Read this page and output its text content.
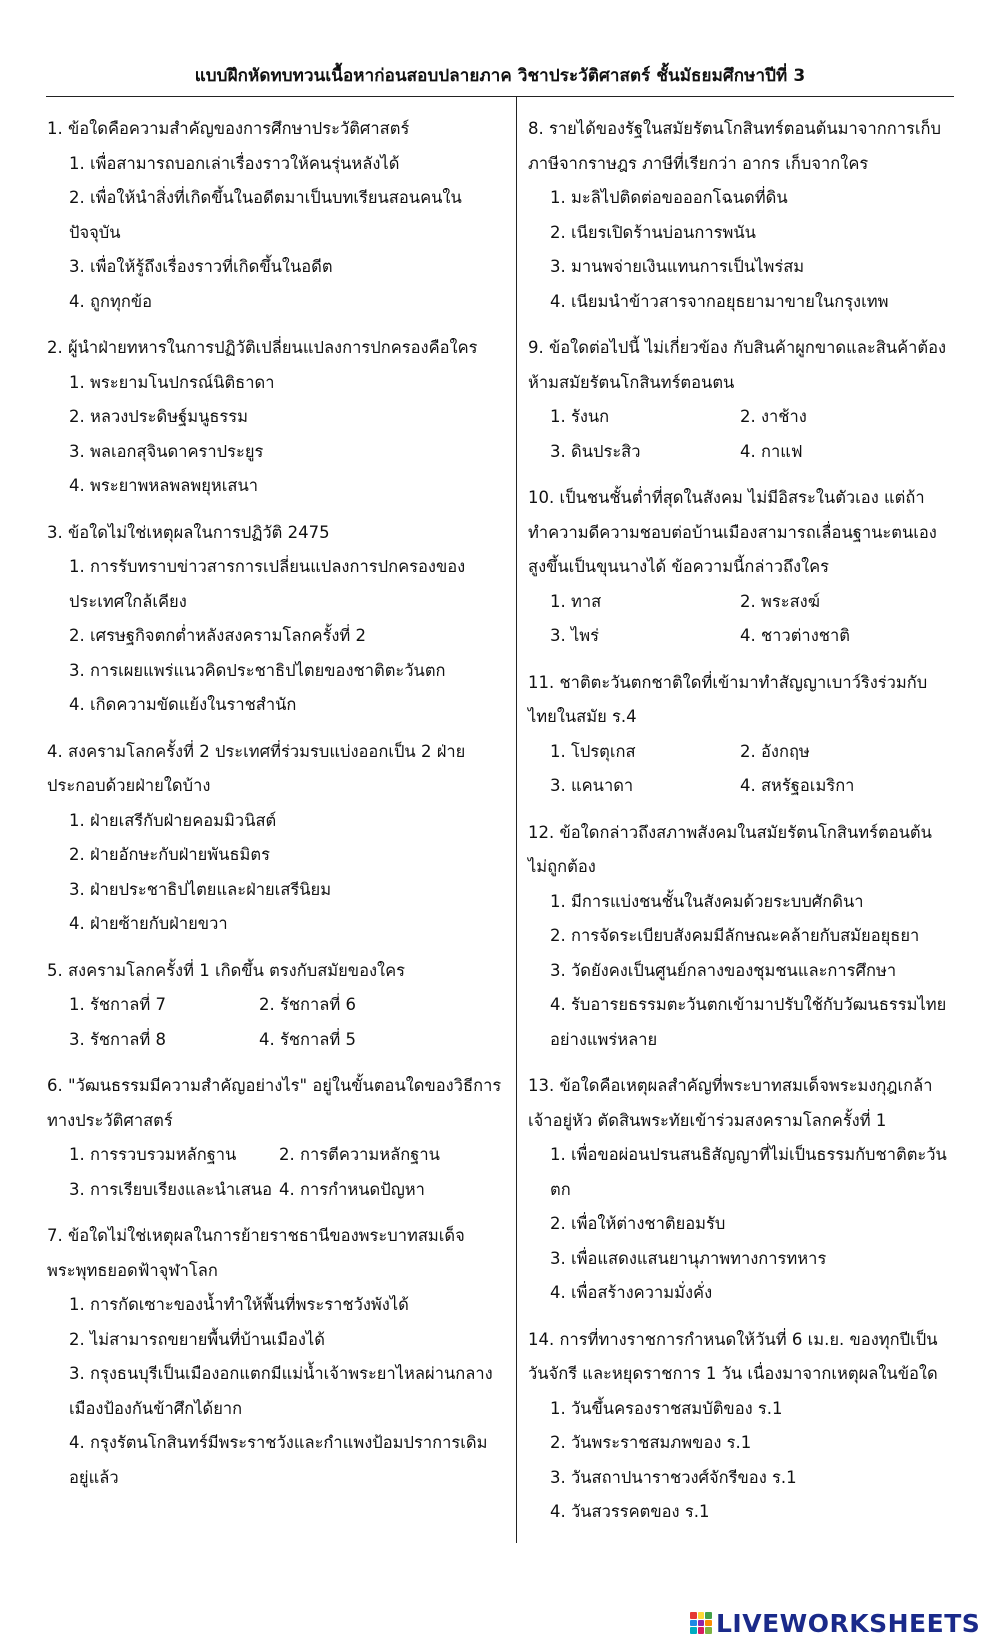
แบบฝึกหัดทบทวนเนื้อหาก่อนสอบปลายภาค วิชาประวัติศาสตร์ ชั้นมัธยมศึกษาปีที่ 3
1. ข้อใดคือความสำคัญของการศึกษาประวัติศาสตร์
1. เพื่อสามารถบอกเล่าเรื่องราวให้คนรุ่นหลังได้
2. เพื่อให้นำสิ่งที่เกิดขึ้นในอดีตมาเป็นบทเรียนสอนคนในปัจจุบัน
3. เพื่อให้รู้ถึงเรื่องราวที่เกิดขึ้นในอดีต
4. ถูกทุกข้อ
2. ผู้นำฝ่ายทหารในการปฏิวัติเปลี่ยนแปลงการปกครองคือใคร
1. พระยามโนปกรณ์นิติธาดา
2. หลวงประดิษฐ์มนูธรรม
3. พลเอกสุจินดาคราประยูร
4. พระยาพหลพลพยุหเสนา
3. ข้อใดไม่ใช่เหตุผลในการปฏิวัติ 2475
1. การรับทราบข่าวสารการเปลี่ยนแปลงการปกครองของประเทศใกล้เคียง
2. เศรษฐกิจตกต่ำหลังสงครามโลกครั้งที่ 2
3. การเผยแพร่แนวคิดประชาธิปไตยของชาติตะวันตก
4. เกิดความขัดแย้งในราชสำนัก
4. สงครามโลกครั้งที่ 2 ประเทศที่ร่วมรบแบ่งออกเป็น 2 ฝ่าย ประกอบด้วยฝ่ายใดบ้าง
1. ฝ่ายเสรีกับฝ่ายคอมมิวนิสต์
2. ฝ่ายอักษะกับฝ่ายพันธมิตร
3. ฝ่ายประชาธิปไตยและฝ่ายเสรีนิยม
4. ฝ่ายซ้ายกับฝ่ายขวา
5. สงครามโลกครั้งที่ 1 เกิดขึ้น ตรงกับสมัยของใคร
1. รัชกาลที่ 7	2. รัชกาลที่ 6
3. รัชกาลที่ 8	4. รัชกาลที่ 5
6. "วัฒนธรรมมีความสำคัญอย่างไร" อยู่ในขั้นตอนใดของวิธีการทางประวัติศาสตร์
1. การรวบรวมหลักฐาน	2. การตีความหลักฐาน
3. การเรียบเรียงและนำเสนอ 4. การกำหนดปัญหา
7. ข้อใดไม่ใช่เหตุผลในการย้ายราชธานีของพระบาทสมเด็จพระพุทธยอดฟ้าจุฬาโลก
1. การกัดเซาะของน้ำทำให้พื้นที่พระราชวังพังได้
2. ไม่สามารถขยายพื้นที่บ้านเมืองได้
3. กรุงธนบุรีเป็นเมืองอกแตกมีแม่น้ำเจ้าพระยาไหลผ่านกลางเมืองป้องกันข้าศึกได้ยาก
4. กรุงรัตนโกสินทร์มีพระราชวังและกำแพงป้อมปราการเดิมอยู่แล้ว
8. รายได้ของรัฐในสมัยรัตนโกสินทร์ตอนต้นมาจากการเก็บภาษีจากราษฎร ภาษีที่เรียกว่า อากร เก็บจากใคร
1. มะลิไปติดต่อขอออกโฉนดที่ดิน
2. เนียรเปิดร้านบ่อนการพนัน
3. มานพจ่ายเงินแทนการเป็นไพร่สม
4. เนียมนำข้าวสารจากอยุธยามาขายในกรุงเทพ
9. ข้อใดต่อไปนี้ ไม่เกี่ยวข้อง กับสินค้าผูกขาดและสินค้าต้องห้ามสมัยรัตนโกสินทร์ตอนตน
1. รังนก	2. งาช้าง
3. ดินประสิว	4. กาแฟ
10. เป็นชนชั้นต่ำที่สุดในสังคม ไม่มีอิสระในตัวเอง แต่ถ้าทำความดีความชอบต่อบ้านเมืองสามารถเลื่อนฐานะตนเองสูงขึ้นเป็นขุนนางได้ ข้อความนี้กล่าวถึงใคร
1. ทาส	2. พระสงฆ์
3. ไพร่	4. ชาวต่างชาติ
11. ชาติตะวันตกชาติใดที่เข้ามาทำสัญญาเบาว์ริงร่วมกับไทยในสมัย ร.4
1. โปรตุเกส	2. อังกฤษ
3. แคนาดา	4. สหรัฐอเมริกา
12. ข้อใดกล่าวถึงสภาพสังคมในสมัยรัตนโกสินทร์ตอนต้นไม่ถูกต้อง
1. มีการแบ่งชนชั้นในสังคมด้วยระบบศักดินา
2. การจัดระเบียบสังคมมีลักษณะคล้ายกับสมัยอยุธยา
3. วัดยังคงเป็นศูนย์กลางของชุมชนและการศึกษา
4. รับอารยธรรมตะวันตกเข้ามาปรับใช้กับวัฒนธรรมไทยอย่างแพร่หลาย
13. ข้อใดคือเหตุผลสำคัญที่พระบาทสมเด็จพระมงกุฎเกล้าเจ้าอยู่หัว ตัดสินพระทัยเข้าร่วมสงครามโลกครั้งที่ 1
1. เพื่อขอผ่อนปรนสนธิสัญญาที่ไม่เป็นธรรมกับชาติตะวันตก
2. เพื่อให้ต่างชาติยอมรับ
3. เพื่อแสดงแสนยานุภาพทางการทหาร
4. เพื่อสร้างความมั่งคั่ง
14. การที่ทางราชการกำหนดให้วันที่ 6 เม.ย. ของทุกปีเป็นวันจักรี และหยุดราชการ 1 วัน เนื่องมาจากเหตุผลในข้อใด
1. วันขึ้นครองราชสมบัติของ ร.1
2. วันพระราชสมภพของ ร.1
3. วันสถาปนาราชวงศ์จักรีของ ร.1
4. วันสวรรคตของ ร.1
LIVEWORKSHEETS
